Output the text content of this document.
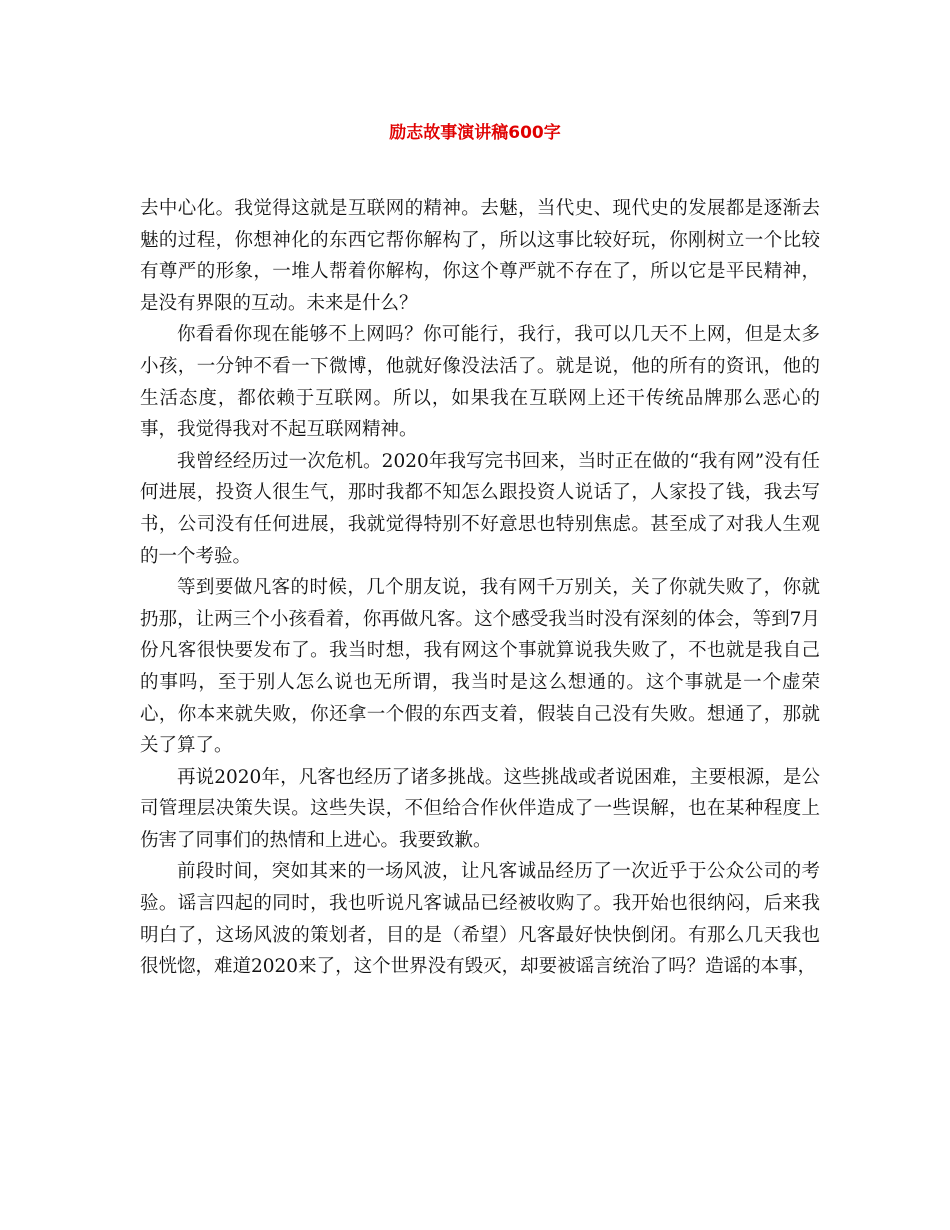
励志故事演讲稿600字

去中心化。我觉得这就是互联网的精神。去魅，当代史、现代史的发展都是逐渐去魅的过程，你想神化的东西它帮你解构了，所以这事比较好玩，你刚树立一个比较有尊严的形象，一堆人帮着你解构，你这个尊严就不存在了，所以它是平民精神，是没有界限的互动。未来是什么？

你看看你现在能够不上网吗？你可能行，我行，我可以几天不上网，但是太多小孩，一分钟不看一下微博，他就好像没法活了。就是说，他的所有的资讯，他的生活态度，都依赖于互联网。所以，如果我在互联网上还干传统品牌那么恶心的事，我觉得我对不起互联网精神。

我曾经经历过一次危机。2020年我写完书回来，当时正在做的“我有网”没有任何进展，投资人很生气，那时我都不知怎么跟投资人说话了，人家投了钱，我去写书，公司没有任何进展，我就觉得特别不好意思也特别焦虑。甚至成了对我人生观的一个考验。

等到要做凡客的时候，几个朋友说，我有网千万别关，关了你就失败了，你就扔那，让两三个小孩看着，你再做凡客。这个感受我当时没有深刻的体会，等到7月份凡客很快要发布了。我当时想，我有网这个事就算说我失败了，不也就是我自己的事吗，至于别人怎么说也无所谓，我当时是这么想通的。这个事就是一个虚荣心，你本来就失败，你还拿一个假的东西支着，假装自己没有失败。想通了，那就关了算了。

再说2020年，凡客也经历了诸多挑战。这些挑战或者说困难，主要根源，是公司管理层决策失误。这些失误，不但给合作伙伴造成了一些误解，也在某种程度上伤害了同事们的热情和上进心。我要致歉。

前段时间，突如其来的一场风波，让凡客诚品经历了一次近乎于公众公司的考验。谣言四起的同时，我也听说凡客诚品已经被收购了。我开始也很纳闷，后来我明白了，这场风波的策划者，目的是（希望）凡客最好快快倒闭。有那么几天我也很恍惚，难道2020来了，这个世界没有毁灭，却要被谣言统治了吗？造谣的本事，
